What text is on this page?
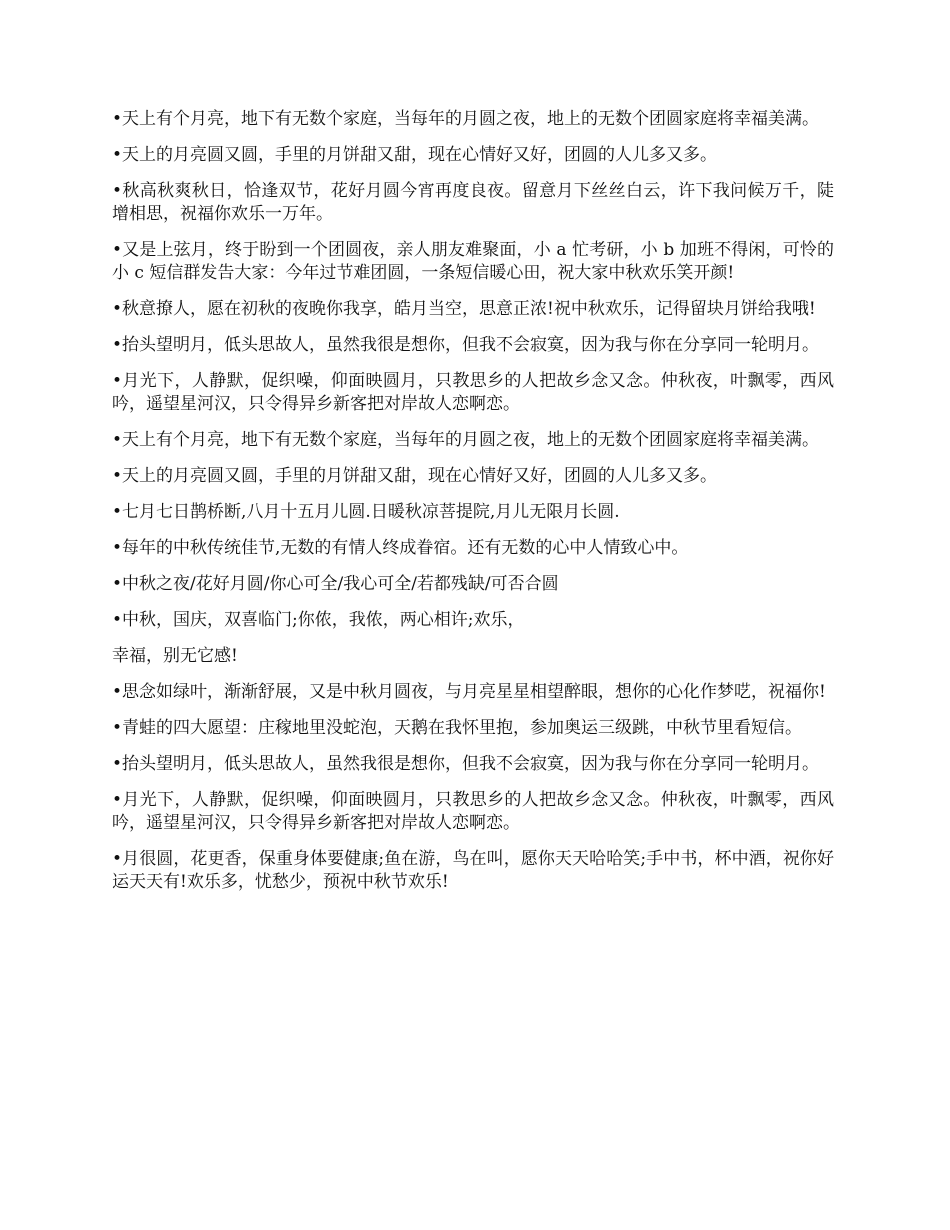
•天上有个月亮，地下有无数个家庭，当每年的月圆之夜，地上的无数个团圆家庭将幸福美满。

•天上的月亮圆又圆，手里的月饼甜又甜，现在心情好又好，团圆的人儿多又多。

•秋高秋爽秋日，恰逢双节，花好月圆今宵再度良夜。留意月下丝丝白云，许下我问候万千，陡增相思，祝福你欢乐一万年。

•又是上弦月，终于盼到一个团圆夜，亲人朋友难聚面，小 a 忙考研，小 b 加班不得闲，可怜的小 c 短信群发告大家：今年过节难团圆，一条短信暖心田，祝大家中秋欢乐笑开颜!

•秋意撩人，愿在初秋的夜晚你我享，皓月当空，思意正浓!祝中秋欢乐，记得留块月饼给我哦!

•抬头望明月，低头思故人，虽然我很是想你，但我不会寂寞，因为我与你在分享同一轮明月。

•月光下，人静默，促织噪，仰面映圆月，只教思乡的人把故乡念又念。仲秋夜，叶飘零，西风吟，遥望星河汉，只令得异乡新客把对岸故人恋啊恋。

•天上有个月亮，地下有无数个家庭，当每年的月圆之夜，地上的无数个团圆家庭将幸福美满。

•天上的月亮圆又圆，手里的月饼甜又甜，现在心情好又好，团圆的人儿多又多。

•七月七日鹊桥断,八月十五月儿圆.日暖秋凉菩提院,月儿无限月长圆.

•每年的中秋传统佳节,无数的有情人终成眷宿。还有无数的心中人情致心中。

•中秋之夜/花好月圆/你心可全/我心可全/若都残缺/可否合圆

•中秋，国庆，双喜临门;你侬，我侬，两心相许;欢乐，

幸福，别无它感!

•思念如绿叶，渐渐舒展，又是中秋月圆夜，与月亮星星相望醉眼，想你的心化作梦呓，祝福你!

•青蛙的四大愿望：庄稼地里没蛇泡，天鹅在我怀里抱，参加奥运三级跳，中秋节里看短信。

•抬头望明月，低头思故人，虽然我很是想你，但我不会寂寞，因为我与你在分享同一轮明月。

•月光下，人静默，促织噪，仰面映圆月，只教思乡的人把故乡念又念。仲秋夜，叶飘零，西风吟，遥望星河汉，只令得异乡新客把对岸故人恋啊恋。

•月很圆，花更香，保重身体要健康;鱼在游，鸟在叫，愿你天天哈哈笑;手中书，杯中酒，祝你好运天天有!欢乐多，忧愁少，预祝中秋节欢乐!
